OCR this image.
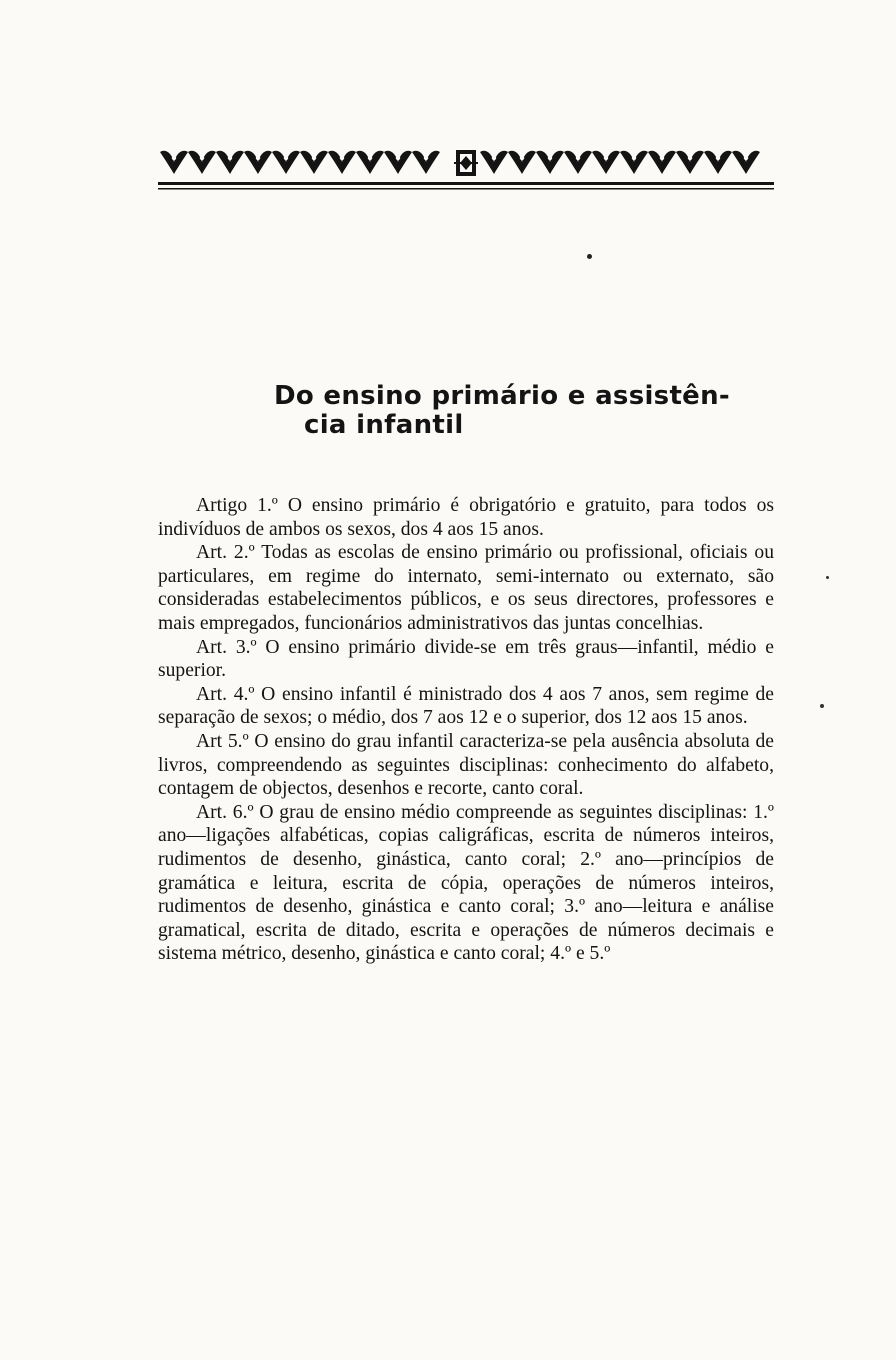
Do ensino primário e assistên-
cia infantil

Artigo 1.º O ensino primário é obrigatório e gratuito, para todos os indivíduos de ambos os sexos, dos 4 aos 15 anos.

Art. 2.º Todas as escolas de ensino primário ou profissional, oficiais ou particulares, em regime do internato, semi-internato ou externato, são consideradas estabelecimentos públicos, e os seus directores, professores e mais empregados, funcionários administrativos das juntas concelhias.

Art. 3.º O ensino primário divide-se em três graus—infantil, médio e superior.

Art. 4.º O ensino infantil é ministrado dos 4 aos 7 anos, sem regime de separação de sexos; o médio, dos 7 aos 12 e o superior, dos 12 aos 15 anos.

Art 5.º O ensino do grau infantil caracteriza-se pela ausência absoluta de livros, compreendendo as seguintes disciplinas: conhecimento do alfabeto, contagem de objectos, desenhos e recorte, canto coral.

Art. 6.º O grau de ensino médio compreende as seguintes disciplinas: 1.º ano—ligações alfabéticas, copias caligráficas, escrita de números inteiros, rudimentos de desenho, ginástica, canto coral; 2.º ano—princípios de gramática e leitura, escrita de cópia, operações de números inteiros, rudimentos de desenho, ginástica e canto coral; 3.º ano—leitura e análise gramatical, escrita de ditado, escrita e operações de números decimais e sistema métrico, desenho, ginástica e canto coral; 4.º e 5.º
